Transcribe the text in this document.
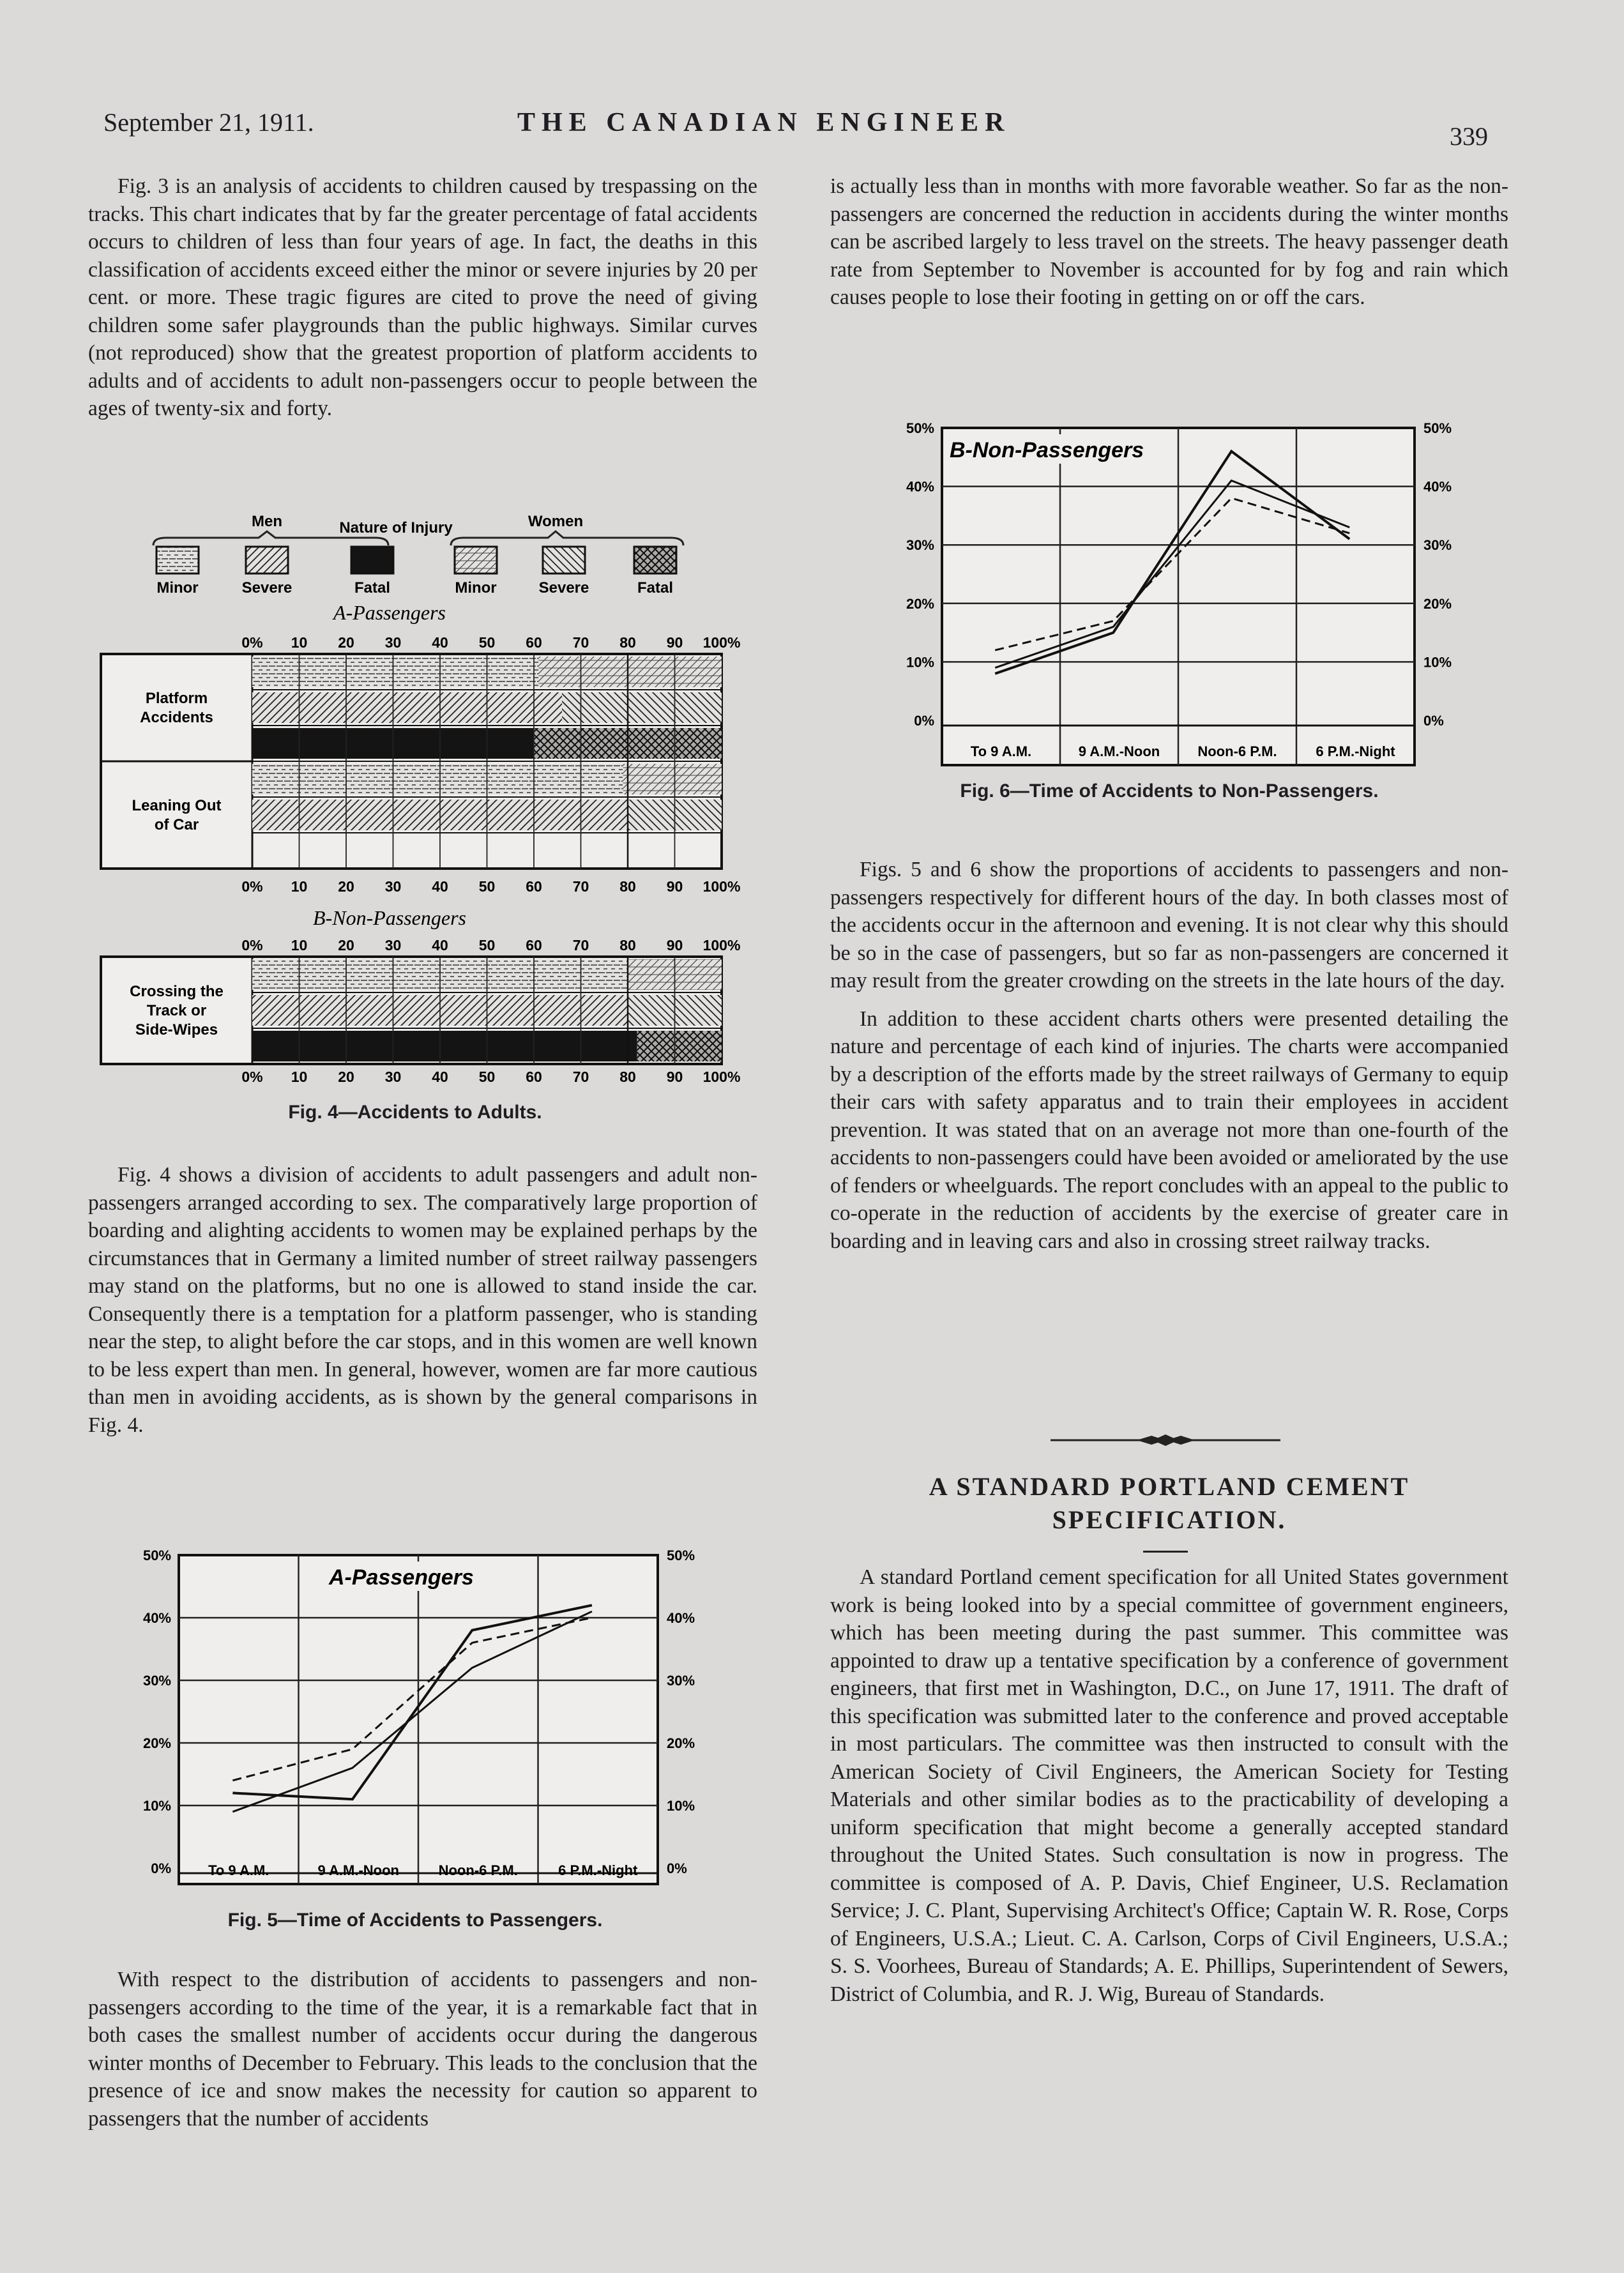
September 21, 1911.	THE CANADIAN ENGINEER	339

Fig. 3 is an analysis of accidents to children caused by trespassing on the tracks. This chart indicates that by far the greater percentage of fatal accidents occurs to children of less than four years of age. In fact, the deaths in this classification of accidents exceed either the minor or severe injuries by 20 per cent. or more. These tragic figures are cited to prove the need of giving children some safer playgrounds than the public highways. Similar curves (not reproduced) show that the greatest proportion of platform accidents to adults and of accidents to adult non-passengers occur to people between the ages of twenty-six and forty.

Men	Nature of Injury	Women
Minor	Severe	Fatal	Minor	Severe	Fatal
A-Passengers
0% 10 20 30 40 50 60 70 80 90 100%
Platform Accidents
Leaning Out of Car
0% 10 20 30 40 50 60 70 80 90 100%
B-Non-Passengers
0% 10 20 30 40 50 60 70 80 90 100%
Crossing the Track or Side-Wipes
0% 10 20 30 40 50 60 70 80 90 100%
Fig. 4—Accidents to Adults.

Fig. 4 shows a division of accidents to adult passengers and adult non-passengers arranged according to sex. The comparatively large proportion of boarding and alighting accidents to women may be explained perhaps by the circumstances that in Germany a limited number of street railway passengers may stand on the platforms, but no one is allowed to stand inside the car. Consequently there is a temptation for a platform passenger, who is standing near the step, to alight before the car stops, and in this women are well known to be less expert than men. In general, however, women are far more cautious than men in avoiding accidents, as is shown by the general comparisons in Fig. 4.

0%	0%
10%	10%
20%	20%
30%	30%
40%	40%
50%	50%
To 9 A.M.	9 A.M.-Noon	Noon-6 P.M.	6 P.M.-Night
A-Passengers
Fig. 5—Time of Accidents to Passengers.

With respect to the distribution of accidents to passengers and non-passengers according to the time of the year, it is a remarkable fact that in both cases the smallest number of accidents occur during the dangerous winter months of December to February. This leads to the conclusion that the presence of ice and snow makes the necessity for caution so apparent to passengers that the number of accidents

is actually less than in months with more favorable weather. So far as the non-passengers are concerned the reduction in accidents during the winter months can be ascribed largely to less travel on the streets. The heavy passenger death rate from September to November is accounted for by fog and rain which causes people to lose their footing in getting on or off the cars.

0%	0%
10%	10%
20%	20%
30%	30%
40%	40%
50%	50%
To 9 A.M.	9 A.M.-Noon	Noon-6 P.M.	6 P.M.-Night
B-Non-Passengers
Fig. 6—Time of Accidents to Non-Passengers.

Figs. 5 and 6 show the proportions of accidents to passengers and non-passengers respectively for different hours of the day. In both classes most of the accidents occur in the afternoon and evening. It is not clear why this should be so in the case of passengers, but so far as non-passengers are concerned it may result from the greater crowding on the streets in the late hours of the day.

In addition to these accident charts others were presented detailing the nature and percentage of each kind of injuries. The charts were accompanied by a description of the efforts made by the street railways of Germany to equip their cars with safety apparatus and to train their employees in accident prevention. It was stated that on an average not more than one-fourth of the accidents to non-passengers could have been avoided or ameliorated by the use of fenders or wheelguards. The report concludes with an appeal to the public to co-operate in the reduction of accidents by the exercise of greater care in boarding and in leaving cars and also in crossing street railway tracks.

A STANDARD PORTLAND CEMENT
SPECIFICATION.

A standard Portland cement specification for all United States government work is being looked into by a special committee of government engineers, which has been meeting during the past summer. This committee was appointed to draw up a tentative specification by a conference of government engineers, that first met in Washington, D.C., on June 17, 1911. The draft of this specification was submitted later to the conference and proved acceptable in most particulars. The committee was then instructed to consult with the American Society of Civil Engineers, the American Society for Testing Materials and other similar bodies as to the practicability of developing a uniform specification that might become a generally accepted standard throughout the United States. Such consultation is now in progress. The committee is composed of A. P. Davis, Chief Engineer, U.S. Reclamation Service; J. C. Plant, Supervising Architect's Office; Captain W. R. Rose, Corps of Engineers, U.S.A.; Lieut. C. A. Carlson, Corps of Civil Engineers, U.S.A.; S. S. Voorhees, Bureau of Standards; A. E. Phillips, Superintendent of Sewers, District of Columbia, and R. J. Wig, Bureau of Standards.
